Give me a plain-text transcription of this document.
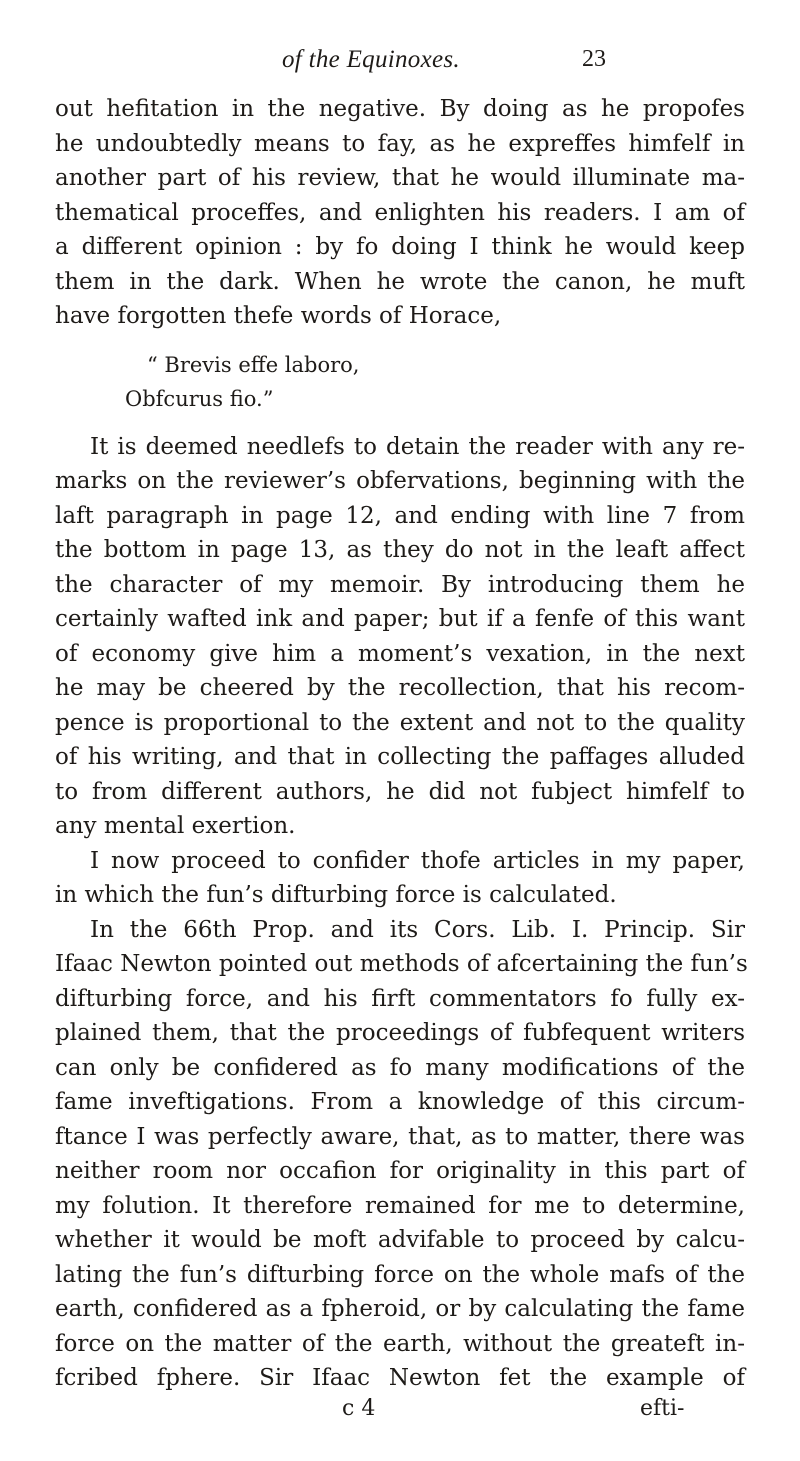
of the Equinoxes.	23
out hefitation in the negative. By doing as he propofes
he undoubtedly means to fay, as he expreffes himfelf in
another part of his review, that he would illuminate ma-
thematical proceffes, and enlighten his readers. I am of
a different opinion : by fo doing I think he would keep
them in the dark. When he wrote the canon, he muft
have forgotten thefe words of Horace,
“ Brevis effe laboro,
Obfcurus fio.”
It is deemed needlefs to detain the reader with any re-
marks on the reviewer’s obfervations, beginning with the
laft paragraph in page 12, and ending with line 7 from
the bottom in page 13, as they do not in the leaft affect
the character of my memoir. By introducing them he
certainly wafted ink and paper; but if a fenfe of this want
of economy give him a moment’s vexation, in the next
he may be cheered by the recollection, that his recom-
pence is proportional to the extent and not to the quality
of his writing, and that in collecting the paffages alluded
to from different authors, he did not fubject himfelf to
any mental exertion.
I now proceed to confider thofe articles in my paper,
in which the fun’s difturbing force is calculated.
In the 66th Prop. and its Cors. Lib. I. Princip. Sir
Ifaac Newton pointed out methods of afcertaining the fun’s
difturbing force, and his firft commentators fo fully ex-
plained them, that the proceedings of fubfequent writers
can only be confidered as fo many modifications of the
fame inveftigations. From a knowledge of this circum-
ftance I was perfectly aware, that, as to matter, there was
neither room nor occafion for originality in this part of
my folution. It therefore remained for me to determine,
whether it would be moft advifable to proceed by calcu-
lating the fun’s difturbing force on the whole mafs of the
earth, confidered as a fpheroid, or by calculating the fame
force on the matter of the earth, without the greateft in-
fcribed fphere. Sir Ifaac Newton fet the example of
c 4	efti-
